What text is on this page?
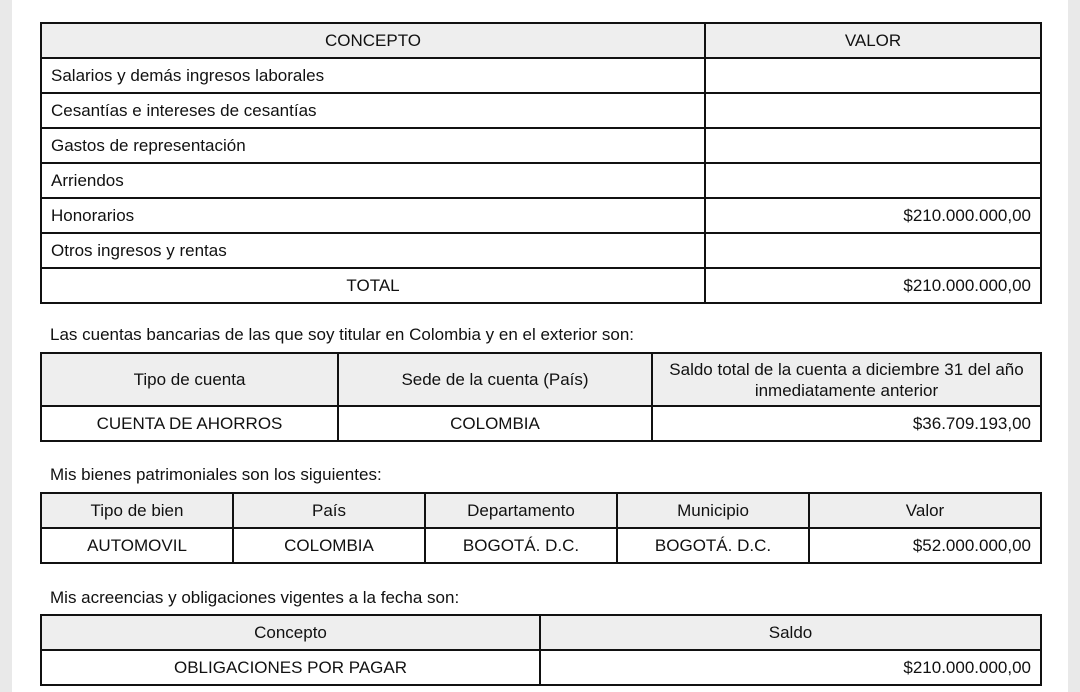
CONCEPTO	VALOR
Salarios y demás ingresos laborales	
Cesantías e intereses de cesantías	
Gastos de representación	
Arriendos	
Honorarios	$210.000.000,00
Otros ingresos y rentas	
TOTAL	$210.000.000,00
Las cuentas bancarias de las que soy titular en Colombia y en el exterior son:
Tipo de cuenta	Sede de la cuenta (País)	Saldo total de la cuenta a diciembre 31 del año inmediatamente anterior
CUENTA DE AHORROS	COLOMBIA	$36.709.193,00
Mis bienes patrimoniales son los siguientes:
Tipo de bien	País	Departamento	Municipio	Valor
AUTOMOVIL	COLOMBIA	BOGOTÁ. D.C.	BOGOTÁ. D.C.	$52.000.000,00
Mis acreencias y obligaciones vigentes a la fecha son:
Concepto	Saldo
OBLIGACIONES POR PAGAR	$210.000.000,00
